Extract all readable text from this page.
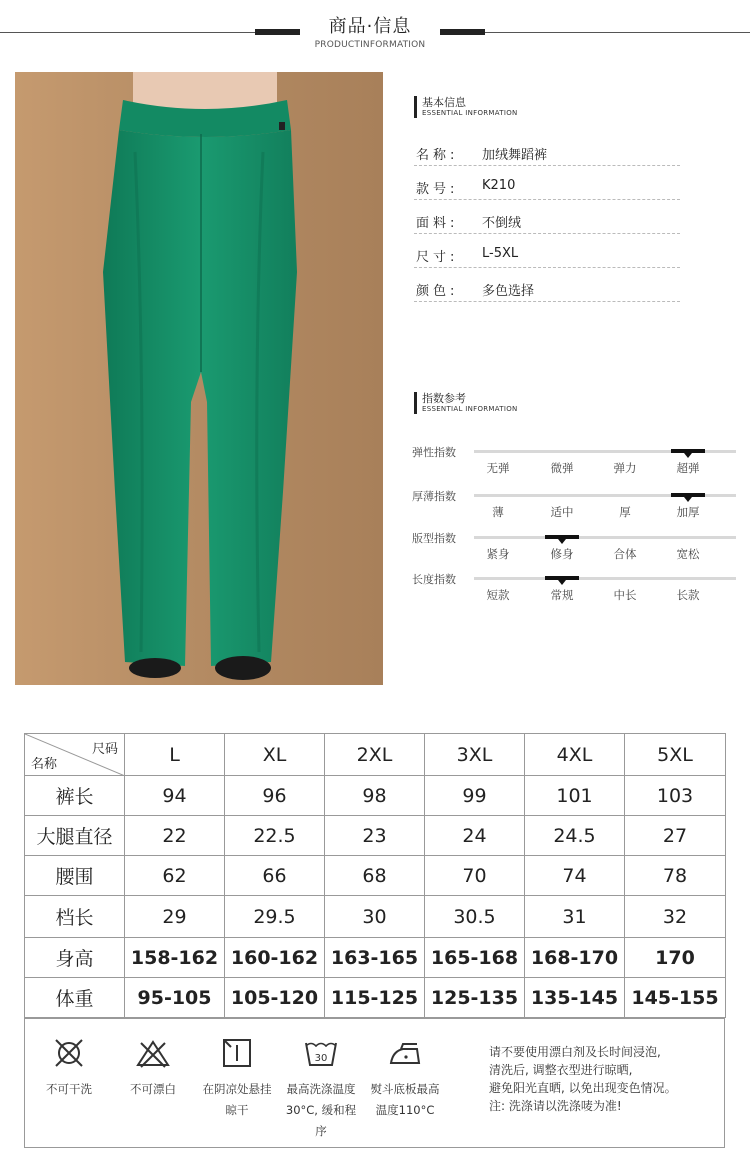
商品·信息
PRODUCTINFORMATION
基本信息
ESSENTIAL INFORMATION
名称:	加绒舞蹈裤
款号:	K210
面料:	不倒绒
尺寸:	L-5XL
颜色:	多色选择
指数参考
ESSENTIAL INFORMATION
弹性指数
无弹	微弹	弹力	超弹
厚薄指数
薄	适中	厚	加厚
版型指数
紧身	修身	合体	宽松
长度指数
短款	常规	中长	长款
尺码
名称	L	XL	2XL	3XL	4XL	5XL
裤长	94	96	98	99	101	103
大腿直径	22	22.5	23	24	24.5	27
腰围	62	66	68	70	74	78
档长	29	29.5	30	30.5	31	32
身高	158-162	160-162	163-165	165-168	168-170	170
体重	95-105	105-120	115-125	125-135	135-145	145-155
不可干洗	不可漂白	在阴凉处悬挂
晾干
30
最高洗涤温度
30°C, 缓和程
序
熨斗底板最高
温度110°C
请不要使用漂白剂及长时间浸泡,
清洗后, 调整衣型进行晾晒,
避免阳光直晒, 以免出现变色情况。
注: 洗涤请以洗涤唛为准!
